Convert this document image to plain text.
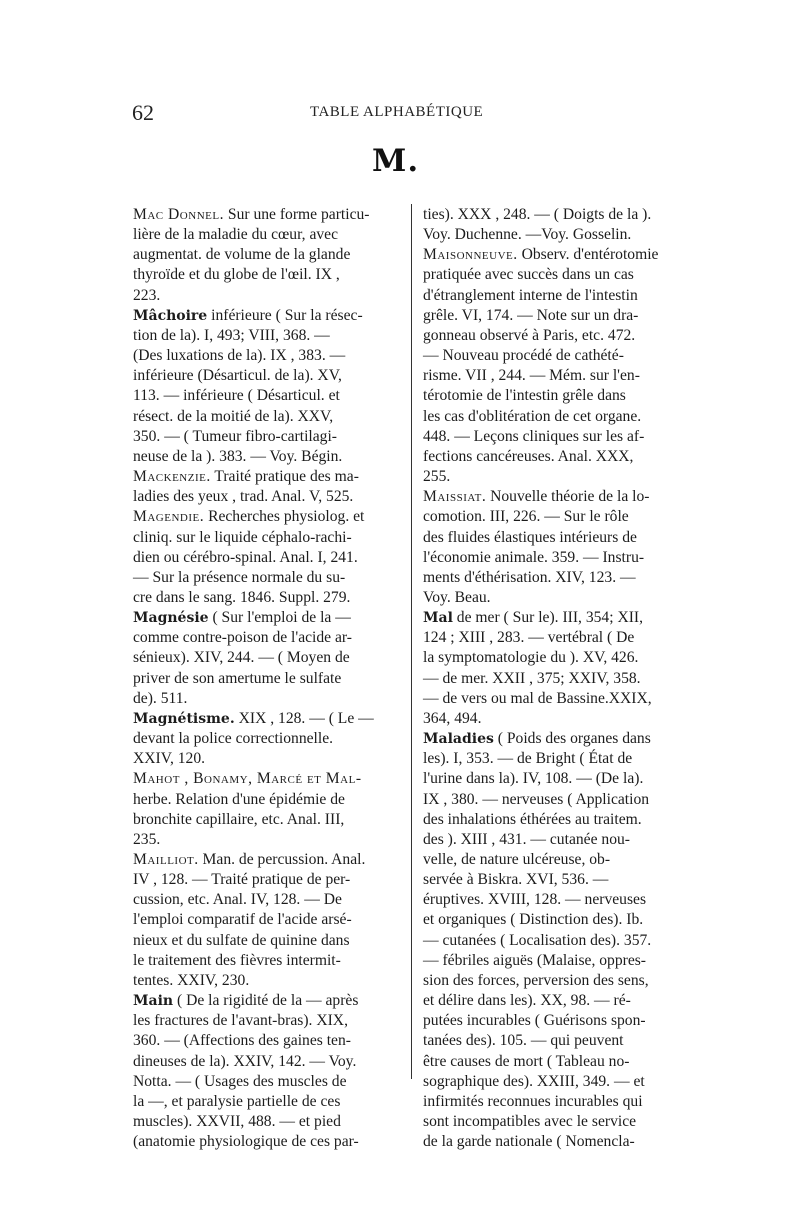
62	TABLE ALPHABÉTIQUE
M.
Mac Donnel. Sur une forme particu-
lière de la maladie du cœur, avec
augmentat. de volume de la glande
thyroïde et du globe de l'œil. IX ,
223.
Mâchoire inférieure ( Sur la résec-
tion de la). I, 493; VIII, 368. —
(Des luxations de la). IX , 383. —
inférieure (Désarticul. de la). XV,
113. — inférieure ( Désarticul. et
résect. de la moitié de la). XXV,
350. — ( Tumeur fibro-cartilagi-
neuse de la ). 383. — Voy. Bégin.
Mackenzie. Traité pratique des ma-
ladies des yeux , trad. Anal. V, 525.
Magendie. Recherches physiolog. et
cliniq. sur le liquide céphalo-rachi-
dien ou cérébro-spinal. Anal. I, 241.
— Sur la présence normale du su-
cre dans le sang. 1846. Suppl. 279.
Magnésie ( Sur l'emploi de la —
comme contre-poison de l'acide ar-
sénieux). XIV, 244. — ( Moyen de
priver de son amertume le sulfate
de). 511.
Magnétisme. XIX , 128. — ( Le —
devant la police correctionnelle.
XXIV, 120.
Mahot , Bonamy, Marcé et Mal-
herbe. Relation d'une épidémie de
bronchite capillaire, etc. Anal. III,
235.
Mailliot. Man. de percussion. Anal.
IV , 128. — Traité pratique de per-
cussion, etc. Anal. IV, 128. — De
l'emploi comparatif de l'acide arsé-
nieux et du sulfate de quinine dans
le traitement des fièvres intermit-
tentes. XXIV, 230.
Main ( De la rigidité de la — après
les fractures de l'avant-bras). XIX,
360. — (Affections des gaines ten-
dineuses de la). XXIV, 142. — Voy.
Notta. — ( Usages des muscles de
la —, et paralysie partielle de ces
muscles). XXVII, 488. — et pied
(anatomie physiologique de ces par-
ties). XXX , 248. — ( Doigts de la ).
Voy. Duchenne. —Voy. Gosselin.
Maisonneuve. Observ. d'entérotomie
pratiquée avec succès dans un cas
d'étranglement interne de l'intestin
grêle. VI, 174. — Note sur un dra-
gonneau observé à Paris, etc. 472.
— Nouveau procédé de cathété-
risme. VII , 244. — Mém. sur l'en-
térotomie de l'intestin grêle dans
les cas d'oblitération de cet organe.
448. — Leçons cliniques sur les af-
fections cancéreuses. Anal. XXX,
255.
Maissiat. Nouvelle théorie de la lo-
comotion. III, 226. — Sur le rôle
des fluides élastiques intérieurs de
l'économie animale. 359. — Instru-
ments d'éthérisation. XIV, 123. —
Voy. Beau.
Mal de mer ( Sur le). III, 354; XII,
124 ; XIII , 283. — vertébral ( De
la symptomatologie du ). XV, 426.
— de mer. XXII , 375; XXIV, 358.
— de vers ou mal de Bassine.XXIX,
364, 494.
Maladies ( Poids des organes dans
les). I, 353. — de Bright ( État de
l'urine dans la). IV, 108. — (De la).
IX , 380. — nerveuses ( Application
des inhalations éthérées au traitem.
des ). XIII , 431. — cutanée nou-
velle, de nature ulcéreuse, ob-
servée à Biskra. XVI, 536. —
éruptives. XVIII, 128. — nerveuses
et organiques ( Distinction des). Ib.
— cutanées ( Localisation des). 357.
— fébriles aiguës (Malaise, oppres-
sion des forces, perversion des sens,
et délire dans les). XX, 98. — ré-
putées incurables ( Guérisons spon-
tanées des). 105. — qui peuvent
être causes de mort ( Tableau no-
sographique des). XXIII, 349. — et
infirmités reconnues incurables qui
sont incompatibles avec le service
de la garde nationale ( Nomencla-
